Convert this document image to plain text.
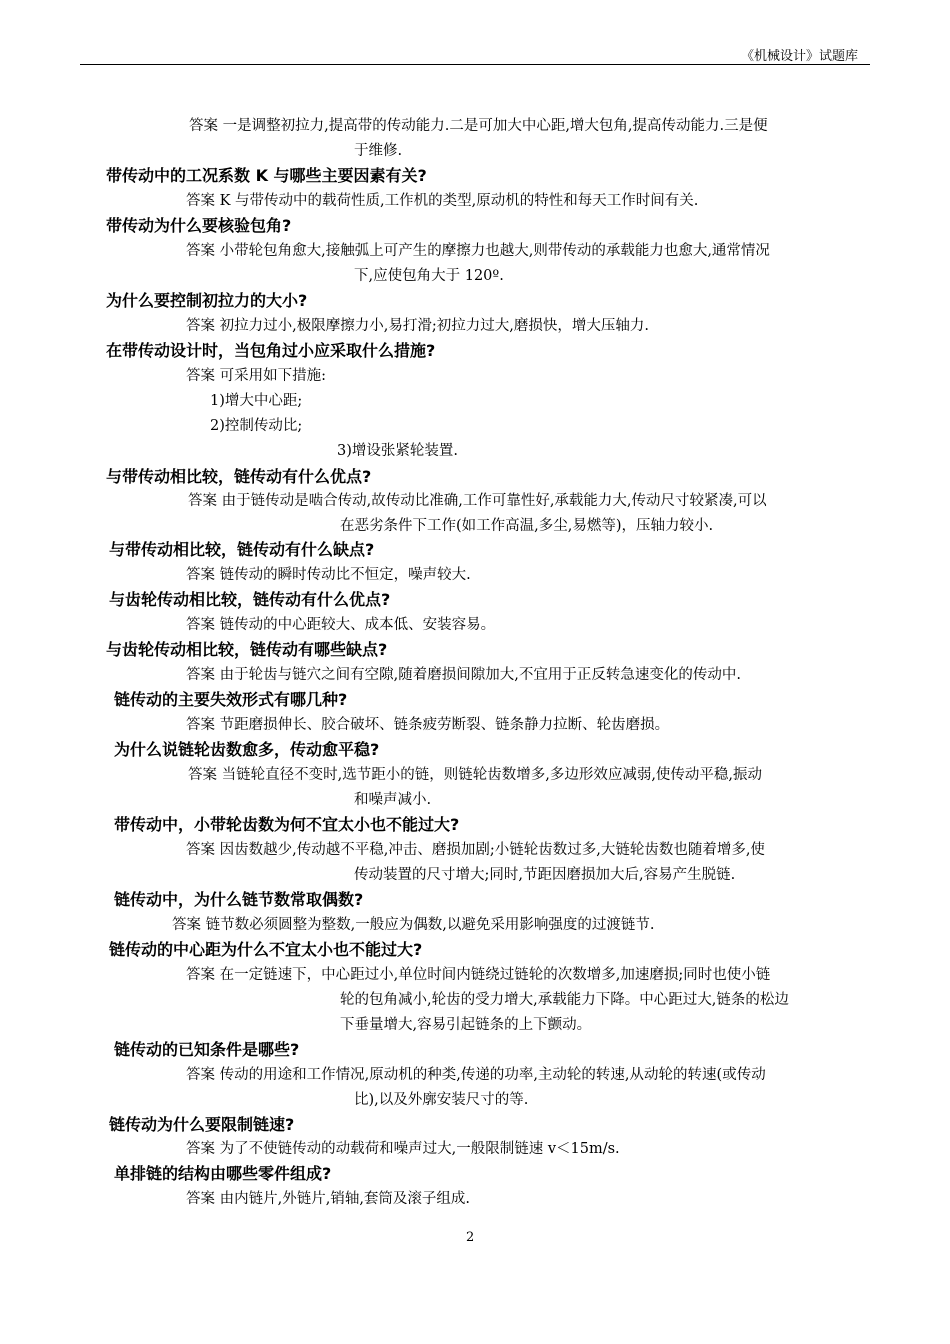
《机械设计》试题库
答案 一是调整初拉力,提高带的传动能力.二是可加大中心距,增大包角,提高传动能力.三是便
于维修.
带传动中的工况系数 K 与哪些主要因素有关?
答案 K 与带传动中的载荷性质,工作机的类型,原动机的特性和每天工作时间有关.
带传动为什么要核验包角?
答案 小带轮包角愈大,接触弧上可产生的摩擦力也越大,则带传动的承载能力也愈大,通常情况
下,应使包角大于 120º.
为什么要控制初拉力的大小?
答案 初拉力过小,极限摩擦力小,易打滑;初拉力过大,磨损快，增大压轴力.
在带传动设计时，当包角过小应采取什么措施?
答案 可采用如下措施:
1)增大中心距;
2)控制传动比;
3)增设张紧轮装置.
与带传动相比较，链传动有什么优点?
答案 由于链传动是啮合传动,故传动比准确,工作可靠性好,承载能力大,传动尺寸较紧凑,可以
在恶劣条件下工作(如工作高温,多尘,易燃等)，压轴力较小.
与带传动相比较，链传动有什么缺点?
答案 链传动的瞬时传动比不恒定，噪声较大.
与齿轮传动相比较，链传动有什么优点?
答案 链传动的中心距较大、成本低、安装容易。
与齿轮传动相比较，链传动有哪些缺点?
答案 由于轮齿与链穴之间有空隙,随着磨损间隙加大,不宜用于正反转急速变化的传动中.
链传动的主要失效形式有哪几种?
答案 节距磨损伸长、胶合破坏、链条疲劳断裂、链条静力拉断、轮齿磨损。
为什么说链轮齿数愈多，传动愈平稳?
答案 当链轮直径不变时,选节距小的链，则链轮齿数增多,多边形效应减弱,使传动平稳,振动
和噪声减小.
带传动中，小带轮齿数为何不宜太小也不能过大?
答案 因齿数越少,传动越不平稳,冲击、磨损加剧;小链轮齿数过多,大链轮齿数也随着增多,使
传动装置的尺寸增大;同时,节距因磨损加大后,容易产生脱链.
链传动中，为什么链节数常取偶数?
答案 链节数必须圆整为整数,一般应为偶数,以避免采用影响强度的过渡链节.
链传动的中心距为什么不宜太小也不能过大?
答案 在一定链速下，中心距过小,单位时间内链绕过链轮的次数增多,加速磨损;同时也使小链
轮的包角减小,轮齿的受力增大,承载能力下降。中心距过大,链条的松边
下垂量增大,容易引起链条的上下颤动。
链传动的已知条件是哪些?
答案 传动的用途和工作情况,原动机的种类,传递的功率,主动轮的转速,从动轮的转速(或传动
比),以及外廓安装尺寸的等.
链传动为什么要限制链速?
答案 为了不使链传动的动载荷和噪声过大,一般限制链速 v＜15m/s.
单排链的结构由哪些零件组成?
答案 由内链片,外链片,销轴,套筒及滚子组成.
2
